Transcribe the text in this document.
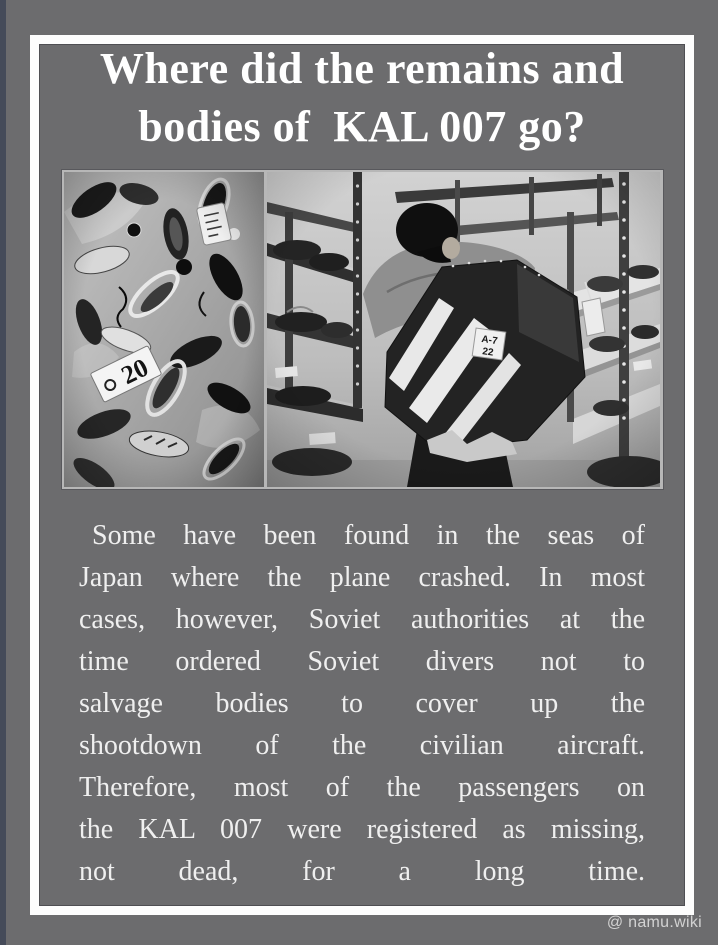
Where did the remains and
bodies of  KAL 007 go?
Some have been found in the seas of
Japan where the plane crashed. In most
cases, however, Soviet authorities at the
time ordered Soviet divers not to
salvage bodies to cover up the
shootdown of the civilian aircraft.
Therefore, most of the passengers on
the KAL 007 were registered as missing,
not dead, for a long time.
@ namu.wiki
